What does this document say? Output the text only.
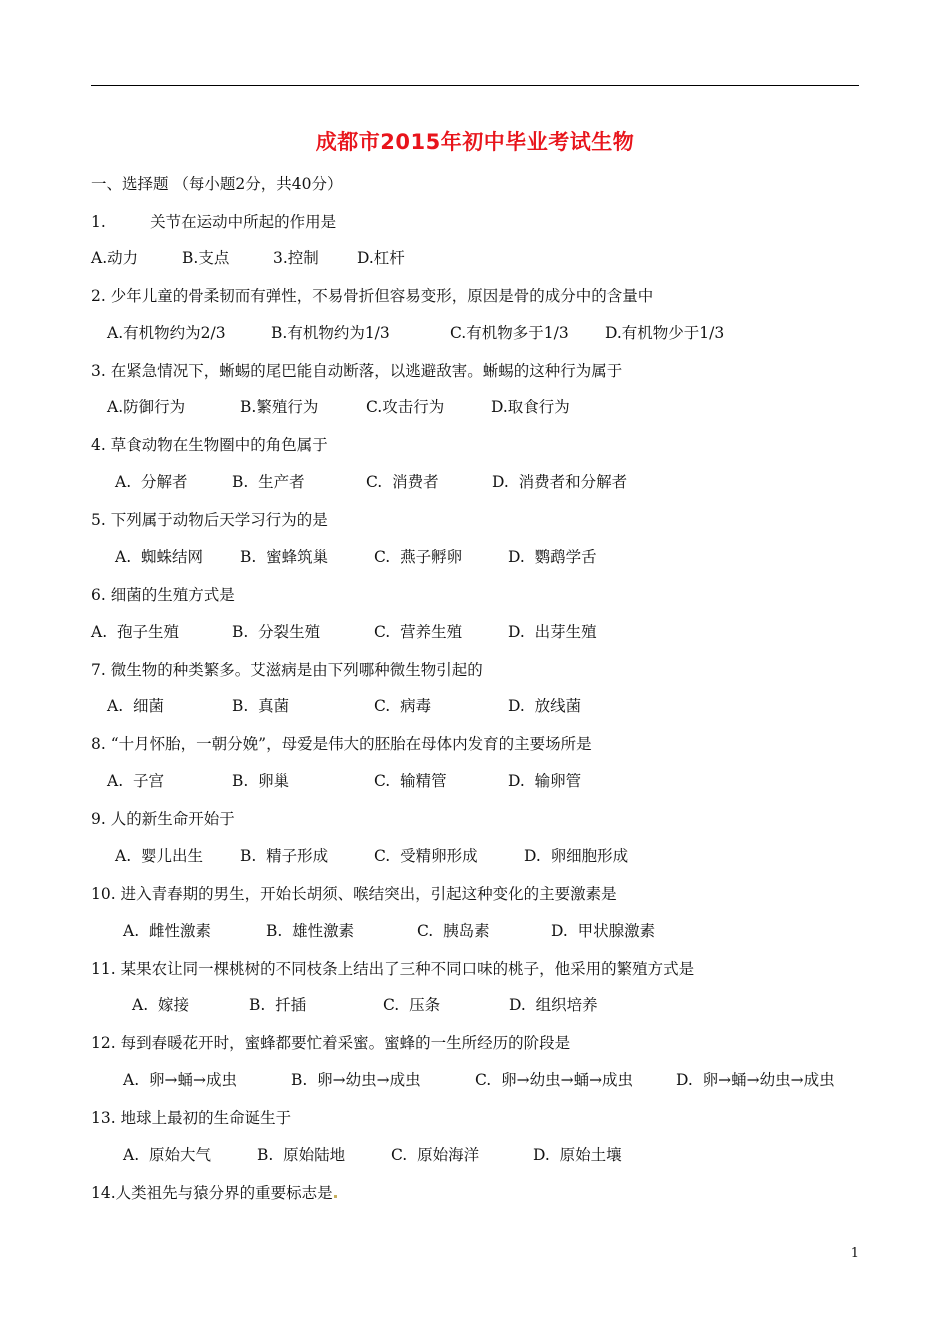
成都市2015年初中毕业考试生物
一、选择题 （每小题2分，共40分）
1.         关节在运动中所起的作用是

A.动力

	B.支点

	3.控制

D.杠杆

2. 少年儿童的骨柔韧而有弹性，不易骨折但容易变形，原因是骨的成分中的含量中

A.有机物约为2/3

	B.有机物约为1/3

	C.有机物多于1/3

D.有机物少于1/3

3. 在紧急情况下，蜥蜴的尾巴能自动断落，以逃避敌害。蜥蜴的这种行为属于

A.防御行为

	B.繁殖行为

	C.攻击行为

	D.取食行为

4. 草食动物在生物圈中的角色属于

A.  分解者

	B.  生产者

	C.  消费者

	D.  消费者和分解者

5. 下列属于动物后天学习行为的是

A.  蜘蛛结网

B.  蜜蜂筑巢

	C.  燕子孵卵

	D.  鹦鹉学舌

6. 细菌的生殖方式是

A.  孢子生殖

	B.  分裂生殖

	C.  营养生殖

	D.  出芽生殖

7. 微生物的种类繁多。艾滋病是由下列哪种微生物引起的

A.  细菌

	B.  真菌

	C.  病毒

	D.  放线菌

8. “十月怀胎，一朝分娩”，母爱是伟大的胚胎在母体内发育的主要场所是

A.  子宫

	B.  卵巢

	C.  输精管

	D.  输卵管

9. 人的新生命开始于

A.  婴儿出生

B.  精子形成

	C.  受精卵形成

	D.  卵细胞形成

10. 进入青春期的男生，开始长胡须、喉结突出，引起这种变化的主要激素是

A.  雌性激素

	B.  雄性激素

	C.  胰岛素

	D.  甲状腺激素

11. 某果农让同一棵桃树的不同枝条上结出了三种不同口味的桃子，他采用的繁殖方式是

A.  嫁接

	B.  扦插

	C.  压条

	D.  组织培养

12. 每到春暖花开时，蜜蜂都要忙着采蜜。蜜蜂的一生所经历的阶段是

A.  卵→蛹→成虫

	B.  卵→幼虫→成虫

	C.  卵→幼虫→蛹→成虫

	D.  卵→蛹→幼虫→成虫

13. 地球上最初的生命诞生于

A.  原始大气

	B.  原始陆地

	C.  原始海洋

	D.  原始土壤

14.人类祖先与猿分界的重要标志是
1
